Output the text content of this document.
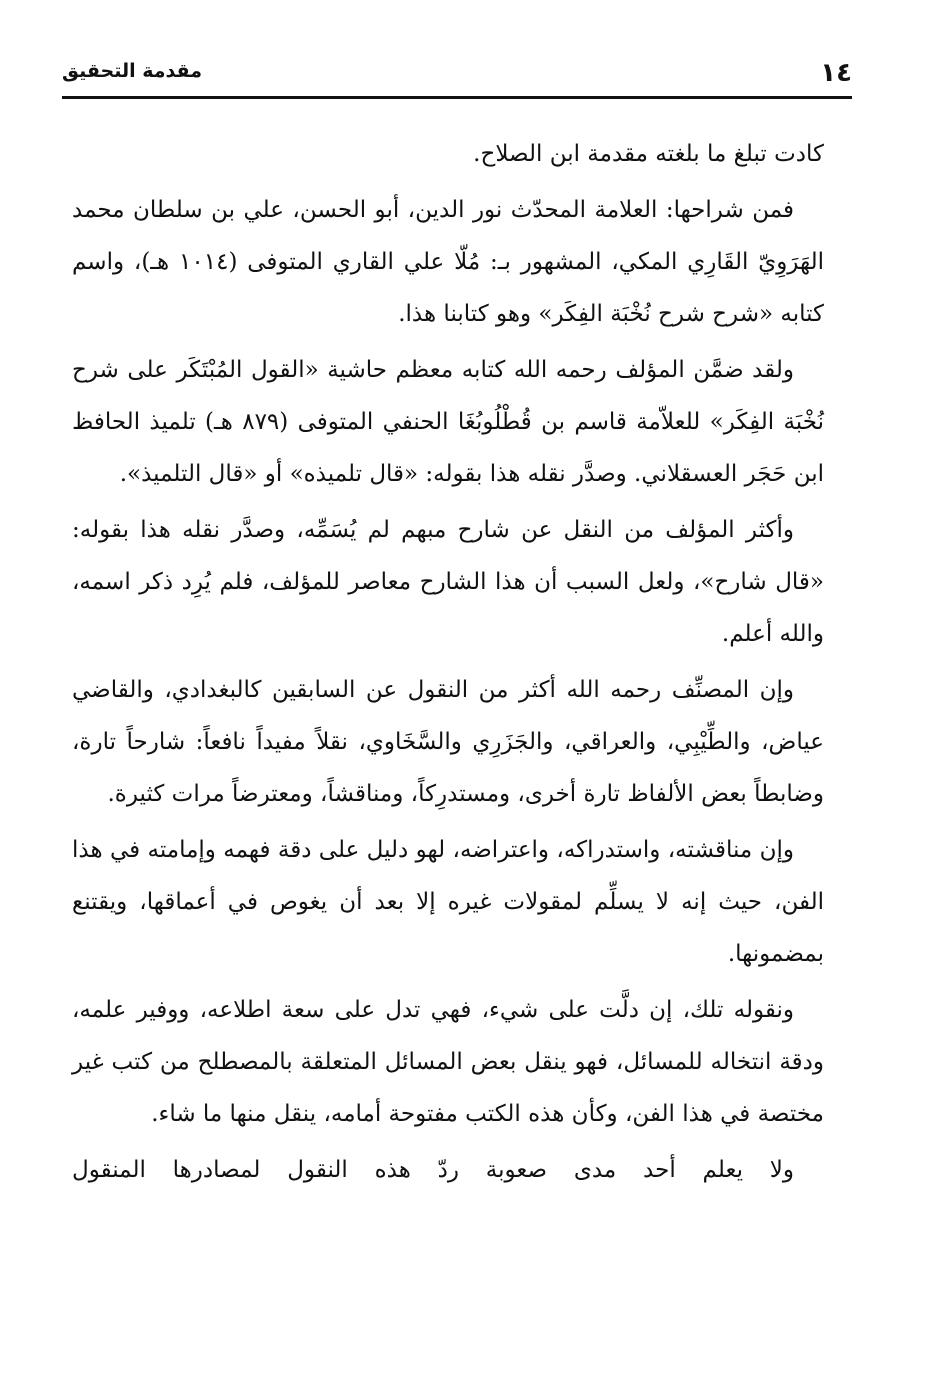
١٤
مقدمة التحقيق

كادت تبلغ ما بلغته مقدمة ابن الصلاح.

فمن شراحها: العلامة المحدّث نور الدين، أبو الحسن، علي بن سلطان محمد الهَرَوِيّ القَارِي المكي، المشهور بـ: مُلّا علي القاري المتوفى (١٠١٤ هـ)، واسم كتابه «شرح شرح نُخْبَة الفِكَر» وهو كتابنا هذا.

ولقد ضمَّن المؤلف رحمه الله كتابه معظم حاشية «القول المُبْتَكَر على شرح نُخْبَة الفِكَر» للعلاّمة قاسم بن قُطْلُوبُغَا الحنفي المتوفى (٨٧٩ هـ) تلميذ الحافظ ابن حَجَر العسقلاني. وصدَّر نقله هذا بقوله: «قال تلميذه» أو «قال التلميذ».

وأكثر المؤلف من النقل عن شارح مبهم لم يُسَمِّه، وصدَّر نقله هذا بقوله: «قال شارح»، ولعل السبب أن هذا الشارح معاصر للمؤلف، فلم يُرِد ذكر اسمه، والله أعلم.

وإن المصنِّف رحمه الله أكثر من النقول عن السابقين كالبغدادي، والقاضي عياض، والطِّيْبِي، والعراقي، والجَزَرِي والسَّخَاوي، نقلاً مفيداً نافعاً: شارحاً تارة، وضابطاً بعض الألفاظ تارة أخرى، ومستدرِكاً، ومناقشاً، ومعترضاً مرات كثيرة.

وإن مناقشته، واستدراكه، واعتراضه، لهو دليل على دقة فهمه وإمامته في هذا الفن، حيث إنه لا يسلِّم لمقولات غيره إلا بعد أن يغوص في أعماقها، ويقتنع بمضمونها.

ونقوله تلك، إن دلَّت على شيء، فهي تدل على سعة اطلاعه، ووفير علمه، ودقة انتخاله للمسائل، فهو ينقل بعض المسائل المتعلقة بالمصطلح من كتب غير مختصة في هذا الفن، وكأن هذه الكتب مفتوحة أمامه، ينقل منها ما شاء.

ولا يعلم أحد مدى صعوبة ردّ هذه النقول لمصادرها المنقول
